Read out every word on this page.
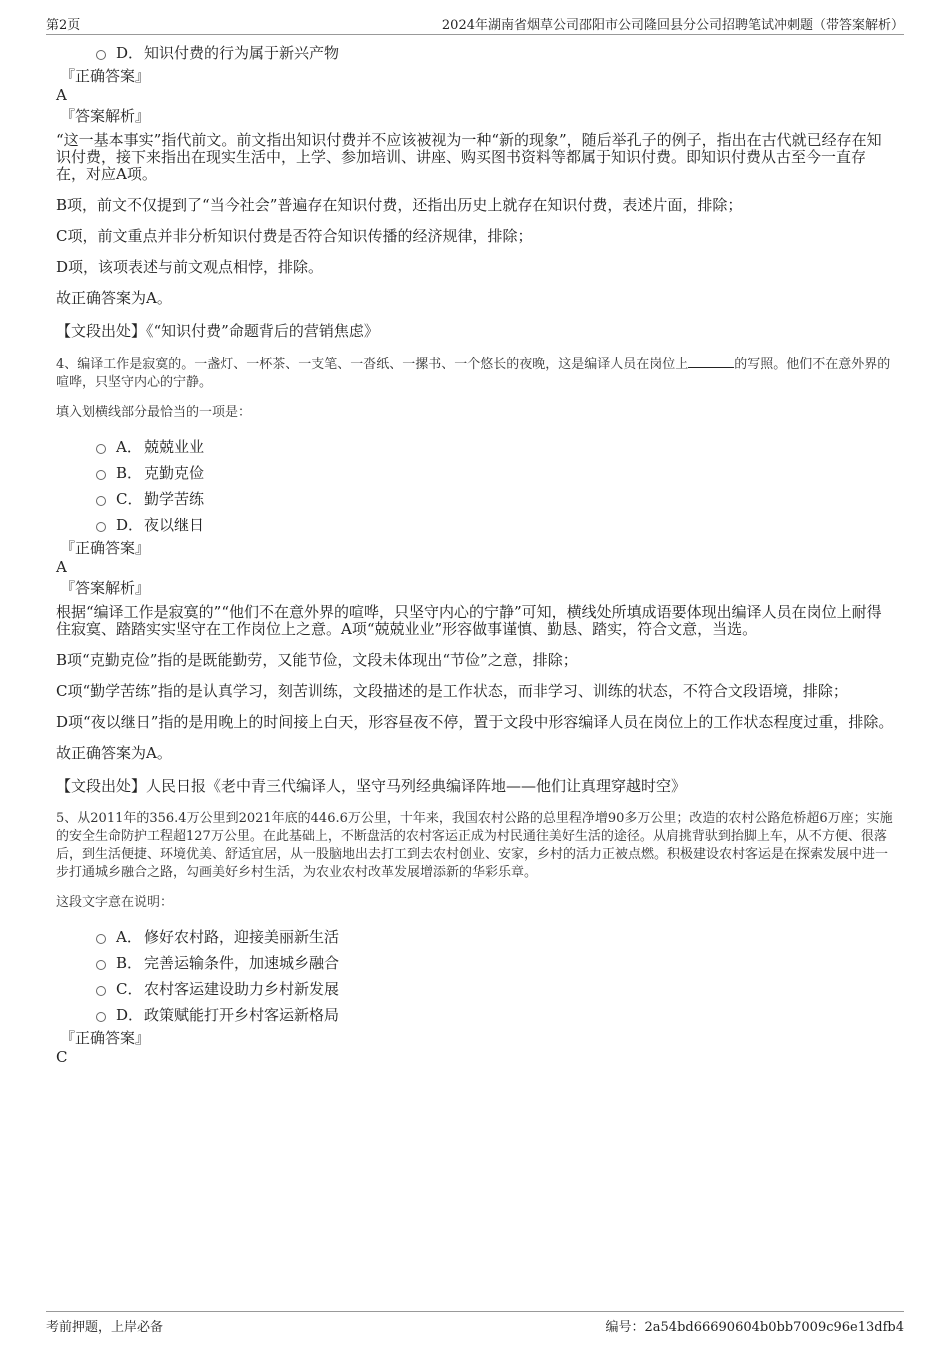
第2页	2024年湖南省烟草公司邵阳市公司隆回县分公司招聘笔试冲刺题（带答案解析）
D．知识付费的行为属于新兴产物
『正确答案』
A
『答案解析』
“这一基本事实”指代前文。前文指出知识付费并不应该被视为一种“新的现象”，随后举孔子的例子，指出在古代就已经存在知识付费，接下来指出在现实生活中，上学、参加培训、讲座、购买图书资料等都属于知识付费。即知识付费从古至今一直存在，对应A项。
B项，前文不仅提到了“当今社会”普遍存在知识付费，还指出历史上就存在知识付费，表述片面，排除；
C项，前文重点并非分析知识付费是否符合知识传播的经济规律，排除；
D项，该项表述与前文观点相悖，排除。
故正确答案为A。
【文段出处】《“知识付费”命题背后的营销焦虑》
4、编译工作是寂寞的。一盏灯、一杯茶、一支笔、一沓纸、一摞书、一个悠长的夜晚，这是编译人员在岗位上	的写照。他们不在意外界的喧哗，只坚守内心的宁静。
填入划横线部分最恰当的一项是：
A． 兢兢业业
B． 克勤克俭
C． 勤学苦练
D．夜以继日
『正确答案』
A
『答案解析』
根据“编译工作是寂寞的”“他们不在意外界的喧哗，只坚守内心的宁静”可知，横线处所填成语要体现出编译人员在岗位上耐得住寂寞、踏踏实实坚守在工作岗位上之意。A项“兢兢业业”形容做事谨慎、勤恳、踏实，符合文意，当选。
B项“克勤克俭”指的是既能勤劳，又能节俭，文段未体现出“节俭”之意，排除；
C项“勤学苦练”指的是认真学习，刻苦训练，文段描述的是工作状态，而非学习、训练的状态，不符合文段语境，排除；
D项“夜以继日”指的是用晚上的时间接上白天，形容昼夜不停，置于文段中形容编译人员在岗位上的工作状态程度过重，排除。
故正确答案为A。
【文段出处】人民日报《老中青三代编译人，坚守马列经典编译阵地——他们让真理穿越时空》
5、从2011年的356.4万公里到2021年底的446.6万公里，十年来，我国农村公路的总里程净增90多万公里；改造的农村公路危桥超6万座；实施的安全生命防护工程超127万公里。在此基础上，不断盘活的农村客运正成为村民通往美好生活的途径。从肩挑背驮到抬脚上车，从不方便、很落后，到生活便捷、环境优美、舒适宜居，从一股脑地出去打工到去农村创业、安家，乡村的活力正被点燃。积极建设农村客运是在探索发展中进一步打通城乡融合之路，勾画美好乡村生活，为农业农村改革发展增添新的华彩乐章。
这段文字意在说明：
A． 修好农村路，迎接美丽新生活
B． 完善运输条件，加速城乡融合
C． 农村客运建设助力乡村新发展
D．政策赋能打开乡村客运新格局
『正确答案』
C
考前押题，上岸必备	编号：2a54bd66690604b0bb7009c96e13dfb4
